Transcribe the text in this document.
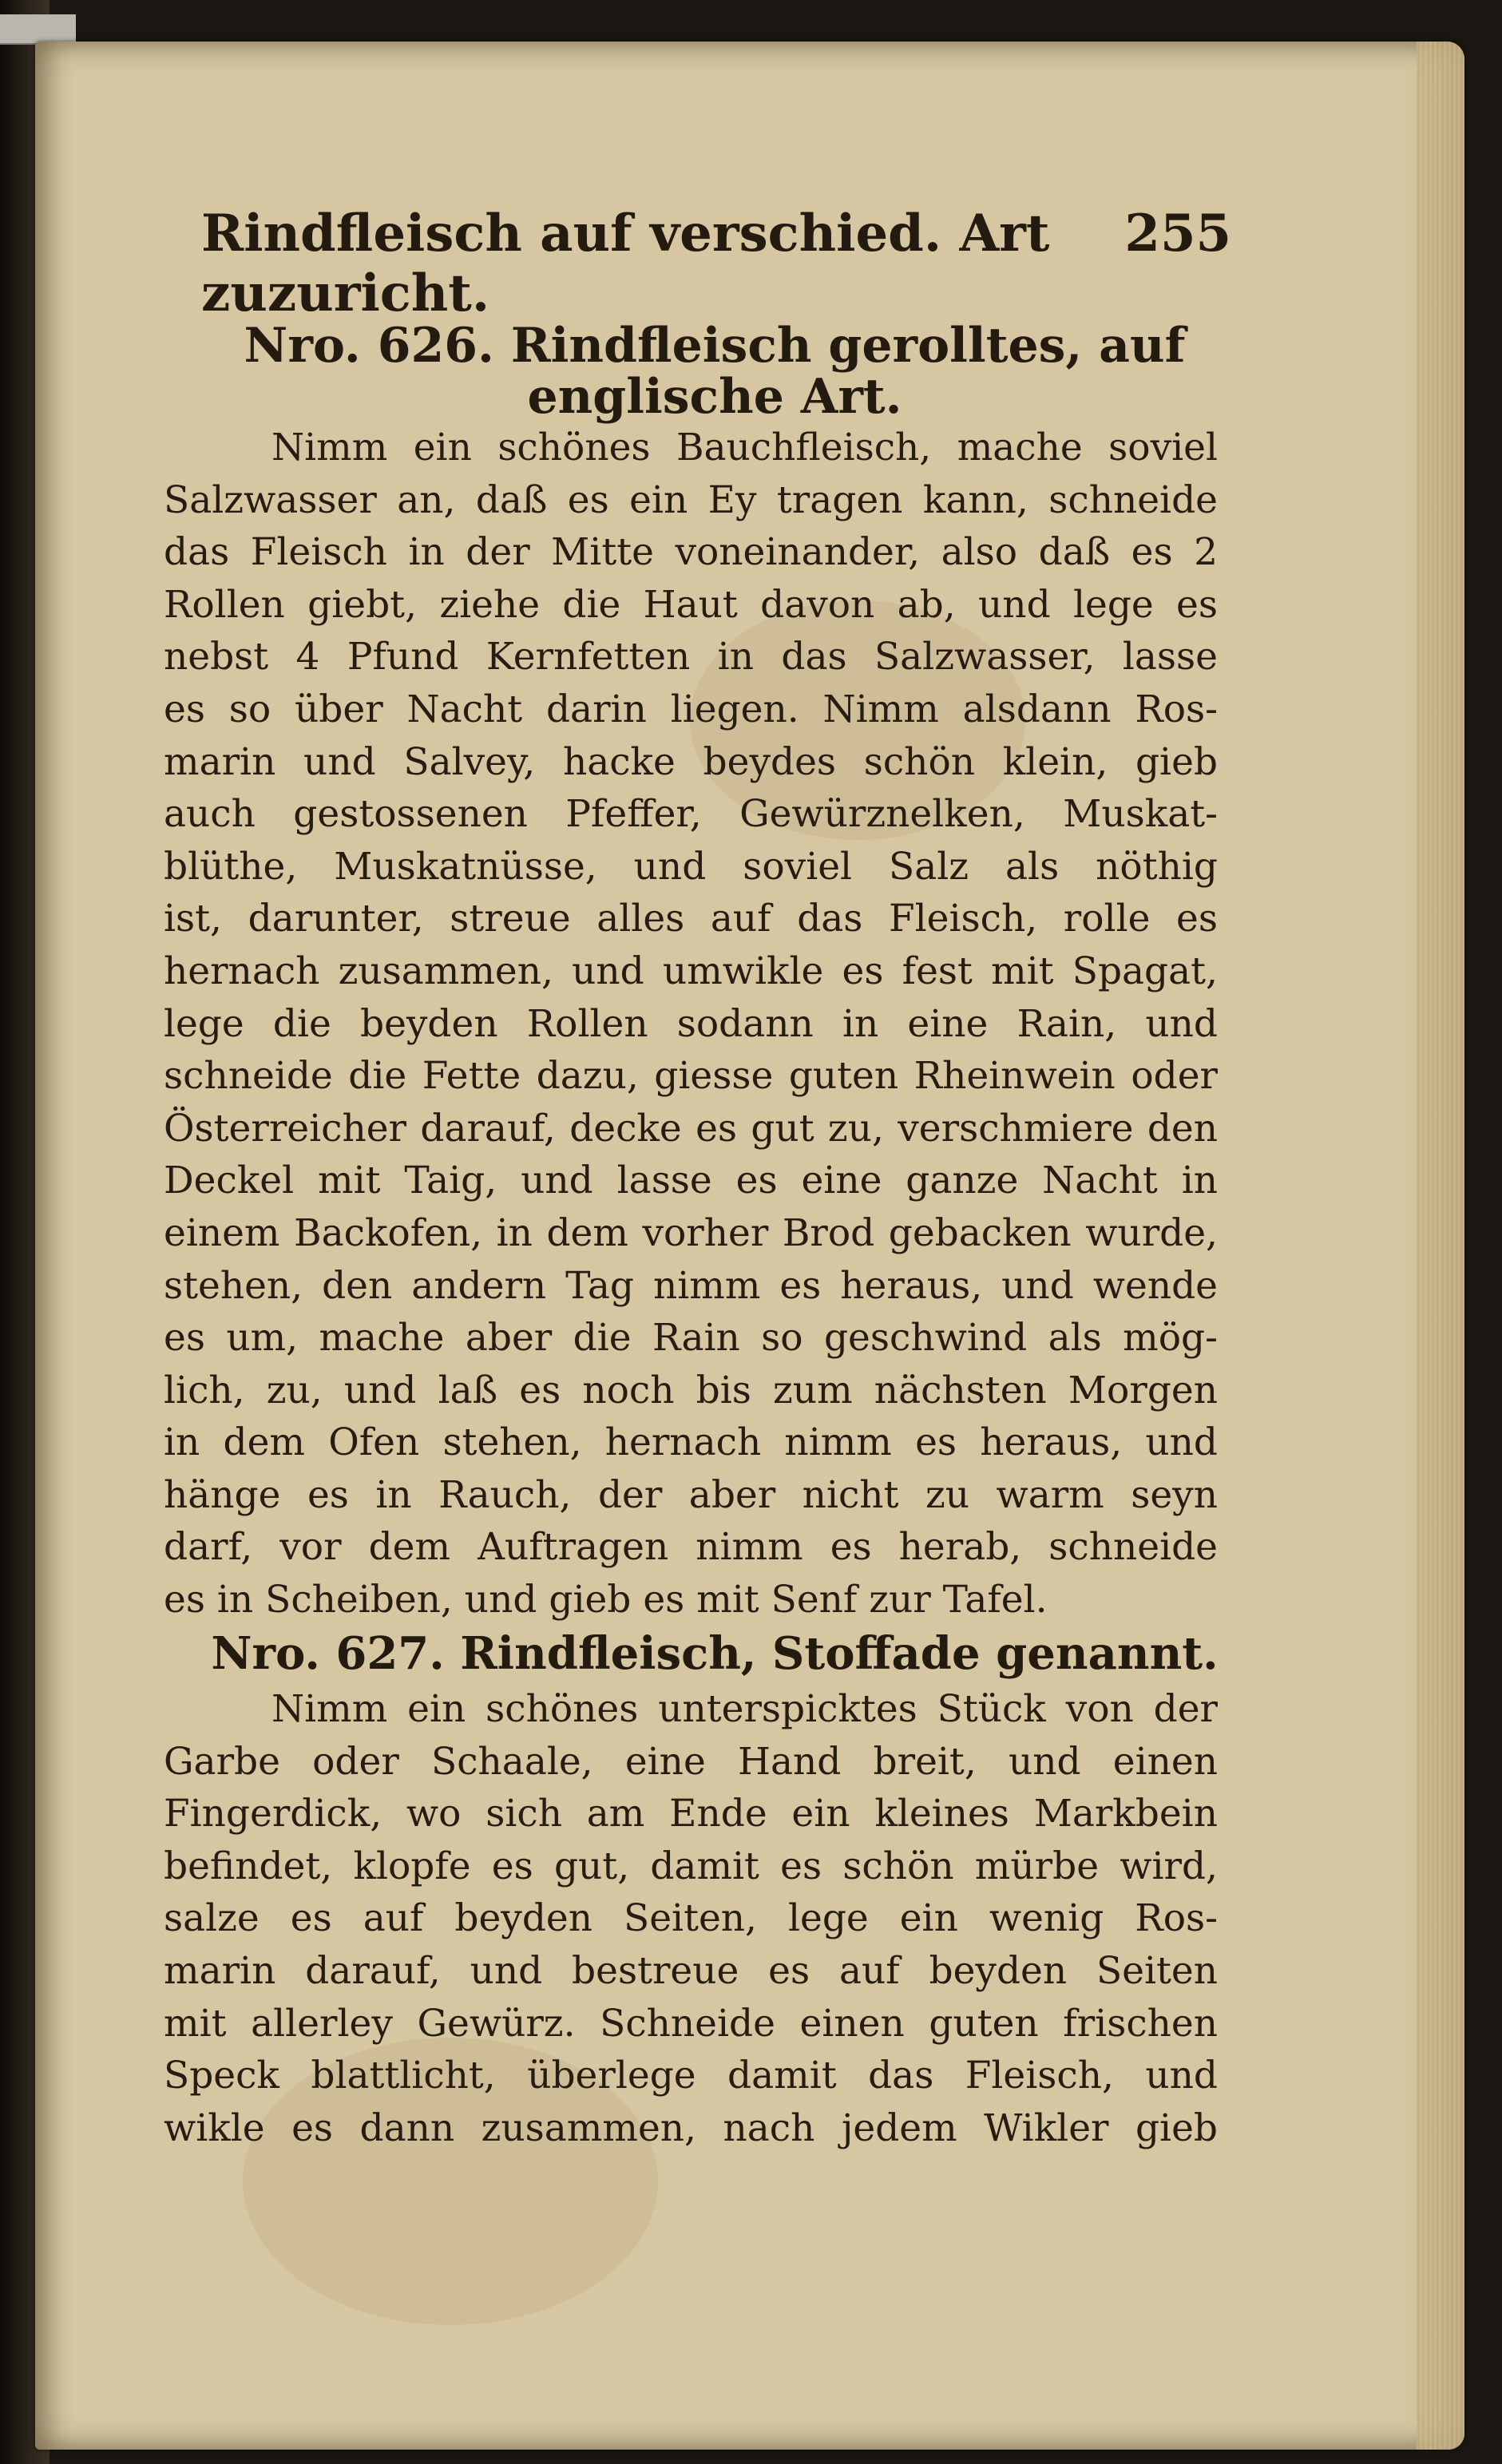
Rindfleisch auf verschied. Art zuzuricht.
255
Nro. 626. Rindfleisch gerolltes, auf englische Art.
Nimm ein schönes Bauchfleisch, mache soviel
Salzwasser an, daß es ein Ey tragen kann, schneide
das Fleisch in der Mitte voneinander, also daß es 2
Rollen giebt, ziehe die Haut davon ab, und lege es
nebst 4 Pfund Kernfetten in das Salzwasser, lasse
es so über Nacht darin liegen. Nimm alsdann Ros-
marin und Salvey, hacke beydes schön klein, gieb
auch gestossenen Pfeffer, Gewürznelken, Muskat-
blüthe, Muskatnüsse, und soviel Salz als nöthig
ist, darunter, streue alles auf das Fleisch, rolle es
hernach zusammen, und umwikle es fest mit Spagat,
lege die beyden Rollen sodann in eine Rain, und
schneide die Fette dazu, giesse guten Rheinwein oder
Österreicher darauf, decke es gut zu, verschmiere den
Deckel mit Taig, und lasse es eine ganze Nacht in
einem Backofen, in dem vorher Brod gebacken wurde,
stehen, den andern Tag nimm es heraus, und wende
es um, mache aber die Rain so geschwind als mög-
lich, zu, und laß es noch bis zum nächsten Morgen
in dem Ofen stehen, hernach nimm es heraus, und
hänge es in Rauch, der aber nicht zu warm seyn
darf, vor dem Auftragen nimm es herab, schneide
es in Scheiben, und gieb es mit Senf zur Tafel.
Nro. 627. Rindfleisch, Stoffade genannt.
Nimm ein schönes unterspicktes Stück von der
Garbe oder Schaale, eine Hand breit, und einen
Fingerdick, wo sich am Ende ein kleines Markbein
befindet, klopfe es gut, damit es schön mürbe wird,
salze es auf beyden Seiten, lege ein wenig Ros-
marin darauf, und bestreue es auf beyden Seiten
mit allerley Gewürz. Schneide einen guten frischen
Speck blattlicht, überlege damit das Fleisch, und
wikle es dann zusammen, nach jedem Wikler gieb
